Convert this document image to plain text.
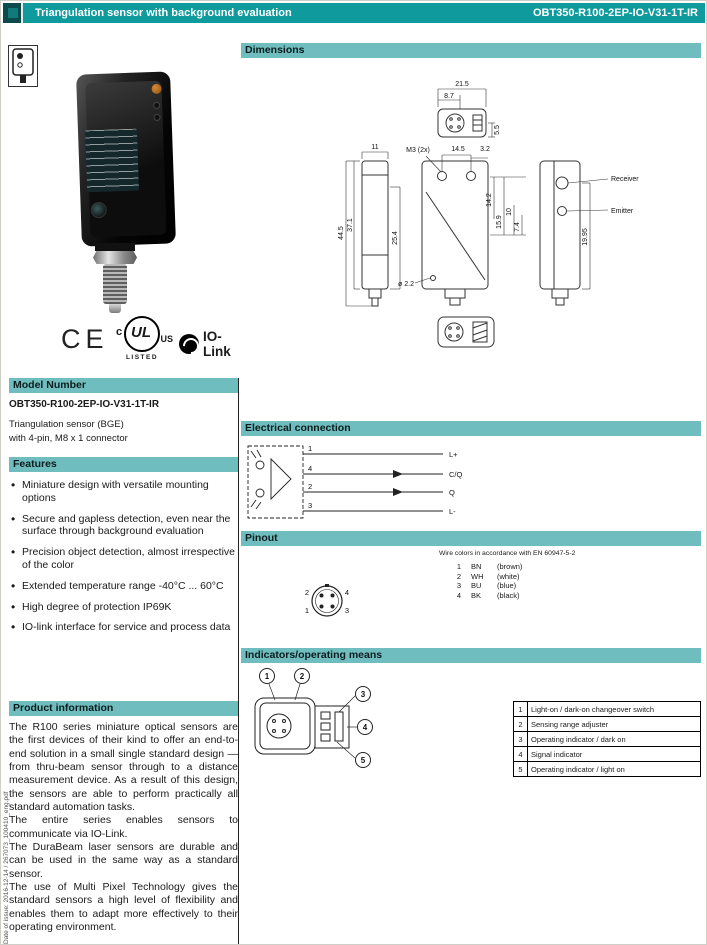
Triangulation sensor with background evaluation	OBT350-R100-2EP-IO-V31-1T-IR
Date of issue: 2016-12-14 / 267073_100410_eng.pdf
CE UL
c
US
LISTED
IO-Link
Model Number
OBT350-R100-2EP-IO-V31-1T-IR
Triangulation sensor (BGE)
with 4-pin, M8 x 1 connector
Features
• Miniature design with versatile mounting options
• Secure and gapless detection, even near the surface through background evaluation
• Precision object detection, almost irrespective of the color
• Extended temperature range -40°C ... 60°C
• High degree of protection IP69K
• IO-link interface for service and process data
Product information

The R100 series miniature optical sensors are the first devices of their kind to offer an end-to-end solution in a small single standard design — from thru-beam sensor through to a distance measurement device. As a result of this design, the sensors are able to perform practically all standard automation tasks.

The entire series enables sensors to communicate via IO-Link.

The DuraBeam laser sensors are durable and can be used in the same way as a standard sensor.

The use of Multi Pixel Technology gives the standard sensors a high level of flexibility and enables them to adapt more effectively to their operating environment.

Dimensions
21.5
8.7
5.5
M3 (2x)	14.5 3.2
11
44.5
37.1
25.4
ø 2.2
14.2
15.9
10
7.4
19.95
Receiver
Emitter
Electrical connection
1
4
2
3
L+
C/Q
Q
L-
Pinout
Wire colors in accordance with EN 60947-5-2
2	4
1	3
1 BN	(brown)
2 WH	(white)
3 BU	(blue)
4 BK	(black)
Indicators/operating means
1	2
3
4
5
1	Light-on / dark-on changeover switch
2	Sensing range adjuster
3	Operating indicator / dark on
4	Signal indicator
5	Operating indicator / light on
